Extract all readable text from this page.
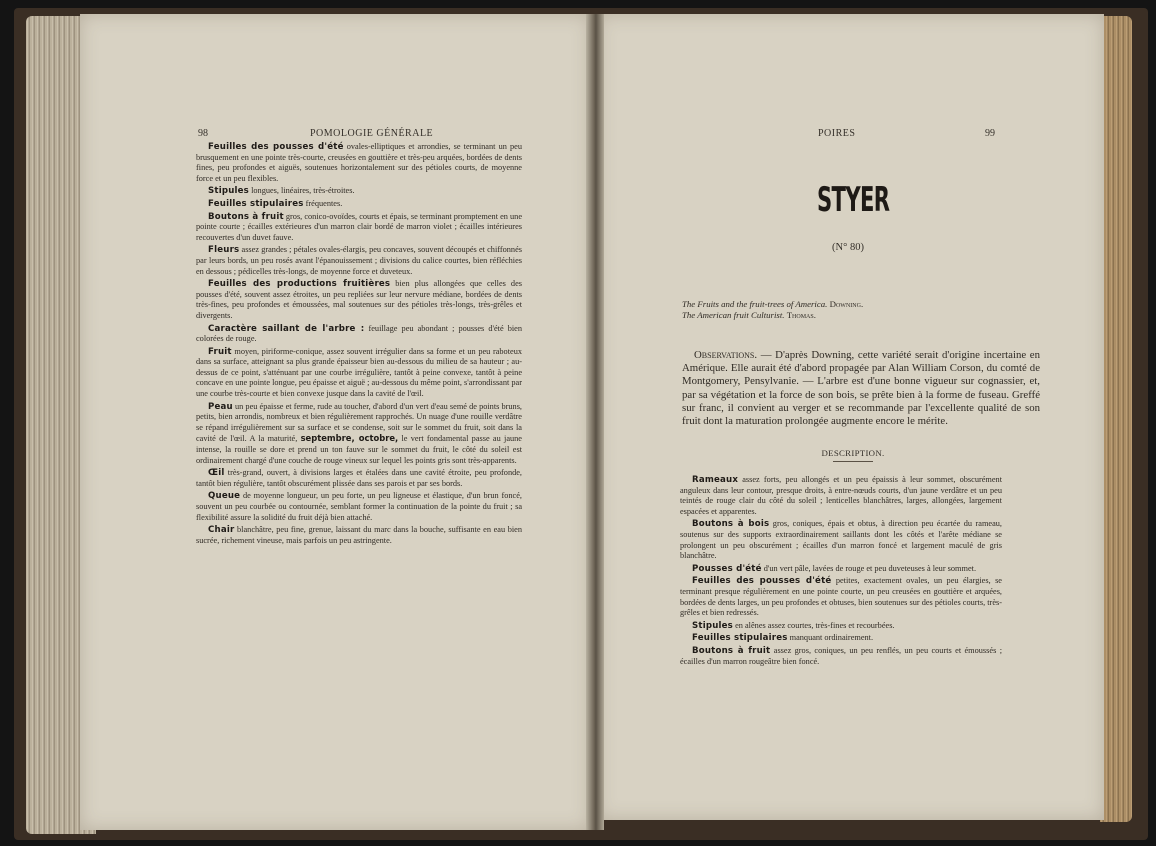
98	POMOLOGIE GÉNÉRALE

Feuilles des pousses d'été ovales-elliptiques et arrondies, se terminant un peu brusquement en une pointe très-courte, creusées en gouttière et très-peu arquées, bordées de dents fines, peu profondes et aiguës, soutenues horizontalement sur des pétioles courts, de moyenne force et un peu flexibles.

Stipules longues, linéaires, très-étroites.

Feuilles stipulaires fréquentes.

Boutons à fruit gros, conico-ovoïdes, courts et épais, se terminant promptement en une pointe courte ; écailles extérieures d'un marron clair bordé de marron violet ; écailles intérieures recouvertes d'un duvet fauve.

Fleurs assez grandes ; pétales ovales-élargis, peu concaves, souvent découpés et chiffonnés par leurs bords, un peu rosés avant l'épanouissement ; divisions du calice courtes, bien réfléchies en dessous ; pédicelles très-longs, de moyenne force et duveteux.

Feuilles des productions fruitières bien plus allongées que celles des pousses d'été, souvent assez étroites, un peu repliées sur leur nervure médiane, bordées de dents très-fines, peu profondes et émoussées, mal soutenues sur des pétioles très-longs, très-grêles et divergents.

Caractère saillant de l'arbre : feuillage peu abondant ; pousses d'été bien colorées de rouge.

Fruit moyen, piriforme-conique, assez souvent irrégulier dans sa forme et un peu raboteux dans sa surface, atteignant sa plus grande épaisseur bien au-dessous du milieu de sa hauteur ; au-dessus de ce point, s'atténuant par une courbe irrégulière, tantôt à peine convexe, tantôt à peine concave en une pointe longue, peu épaisse et aiguë ; au-dessous du même point, s'arrondissant par une courbe très-courte et bien convexe jusque dans la cavité de l'œil.

Peau un peu épaisse et ferme, rude au toucher, d'abord d'un vert d'eau semé de points bruns, petits, bien arrondis, nombreux et bien régulièrement rapprochés. Un nuage d'une rouille verdâtre se répand irrégulièrement sur sa surface et se condense, soit sur le sommet du fruit, soit dans la cavité de l'œil. A la maturité, septembre, octobre, le vert fondamental passe au jaune intense, la rouille se dore et prend un ton fauve sur le sommet du fruit, le côté du soleil est ordinairement chargé d'une couche de rouge vineux sur lequel les points gris sont très-apparents.

Œil très-grand, ouvert, à divisions larges et étalées dans une cavité étroite, peu profonde, tantôt bien régulière, tantôt obscurément plissée dans ses parois et par ses bords.

Queue de moyenne longueur, un peu forte, un peu ligneuse et élastique, d'un brun foncé, souvent un peu courbée ou contournée, semblant former la continuation de la pointe du fruit ; sa flexibilité assure la solidité du fruit déjà bien attaché.

Chair blanchâtre, peu fine, grenue, laissant du marc dans la bouche, suffisante en eau bien sucrée, richement vineuse, mais parfois un peu astringente.

POIRES	99
STYER
(N° 80)
The Fruits and the fruit-trees of America. Downing.
The American fruit Culturist. Thomas.

Observations. — D'après Downing, cette variété serait d'origine incertaine en Amérique. Elle aurait été d'abord propagée par Alan William Corson, du comté de Montgomery, Pensylvanie. — L'arbre est d'une bonne vigueur sur cognassier, et, par sa végétation et la force de son bois, se prête bien à la forme de fuseau. Greffé sur franc, il convient au verger et se recommande par l'excellente qualité de son fruit dont la maturation prolongée augmente encore le mérite.

DESCRIPTION.

Rameaux assez forts, peu allongés et un peu épaissis à leur sommet, obscurément anguleux dans leur contour, presque droits, à entre-nœuds courts, d'un jaune verdâtre et un peu teintés de rouge clair du côté du soleil ; lenticelles blanchâtres, larges, allongées, largement espacées et apparentes.

Boutons à bois gros, coniques, épais et obtus, à direction peu écartée du rameau, soutenus sur des supports extraordinairement saillants dont les côtés et l'arête médiane se prolongent un peu obscurément ; écailles d'un marron foncé et largement maculé de gris blanchâtre.

Pousses d'été d'un vert pâle, lavées de rouge et peu duveteuses à leur sommet.

Feuilles des pousses d'été petites, exactement ovales, un peu élargies, se terminant presque régulièrement en une pointe courte, un peu creusées en gouttière et arquées, bordées de dents larges, un peu profondes et obtuses, bien soutenues sur des pétioles courts, très-grêles et bien redressés.

Stipules en alênes assez courtes, très-fines et recourbées.

Feuilles stipulaires manquant ordinairement.

Boutons à fruit assez gros, coniques, un peu renflés, un peu courts et émoussés ; écailles d'un marron rougeâtre bien foncé.
